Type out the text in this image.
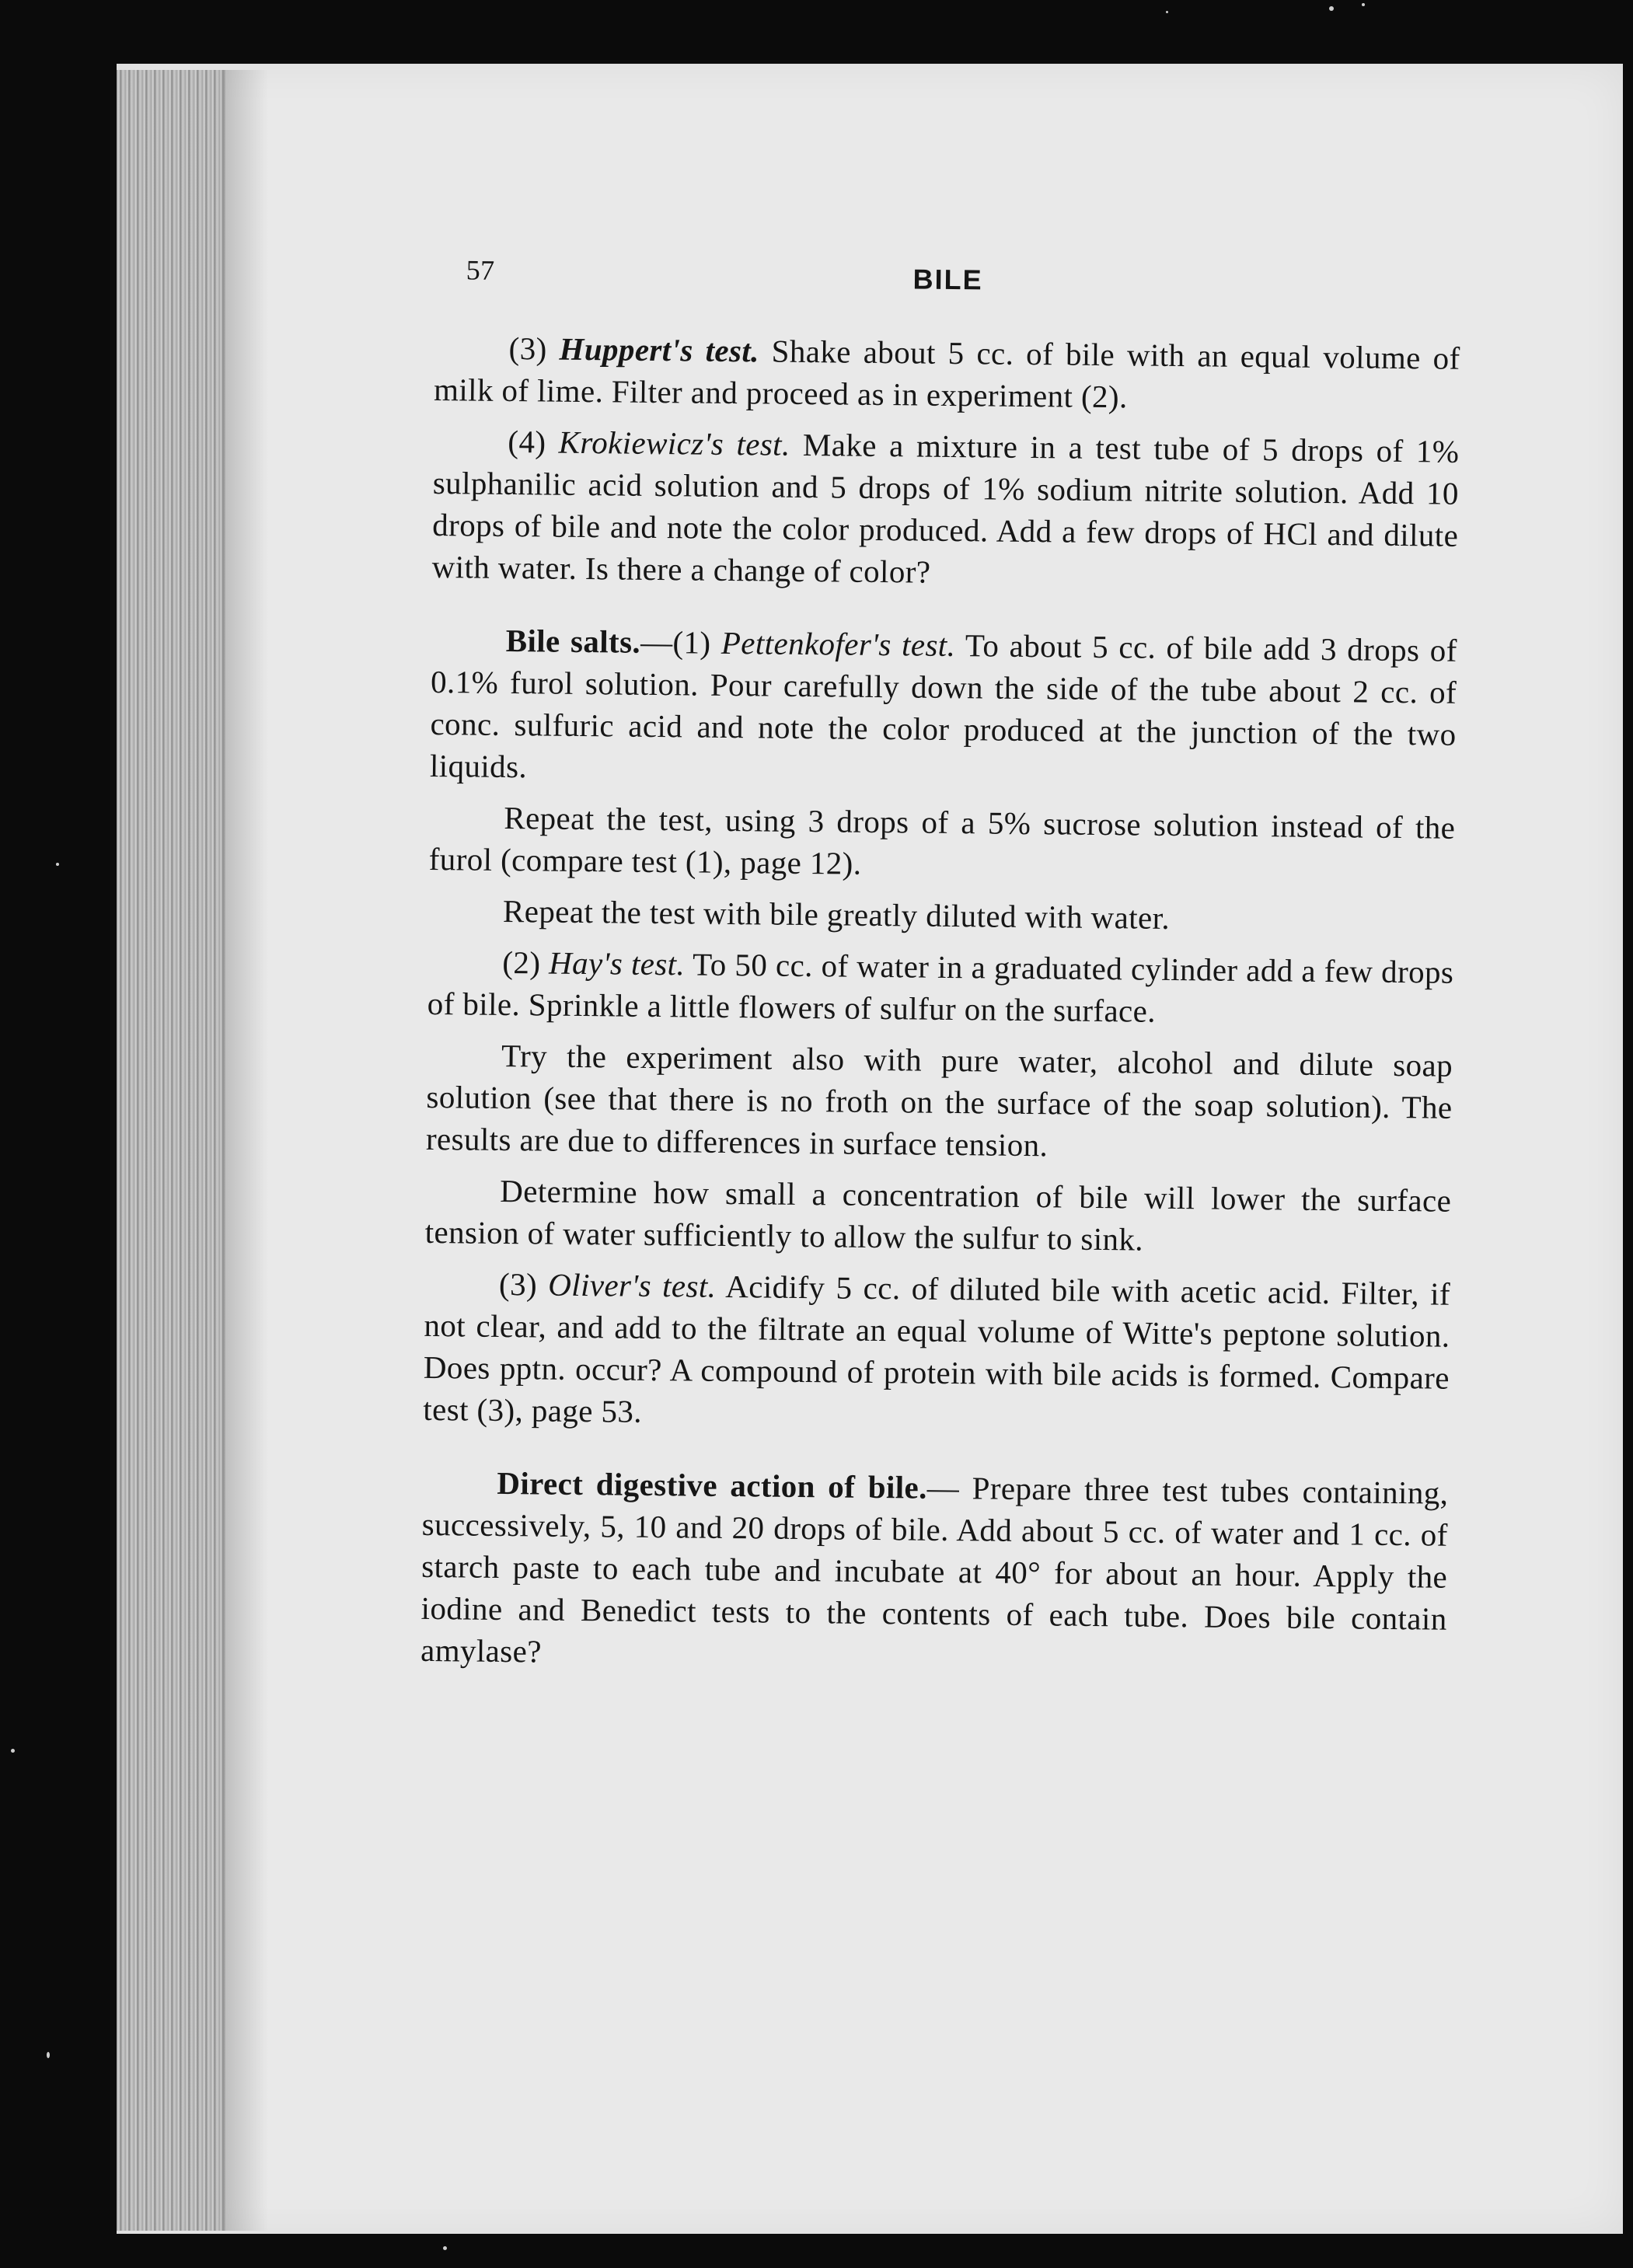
57	BILE

(3) Huppert's test. Shake about 5 cc. of bile with an equal volume of milk of lime. Filter and proceed as in experiment (2).

(4) Krokiewicz's test. Make a mixture in a test tube of 5 drops of 1% sulphanilic acid solution and 5 drops of 1% sodium nitrite solution. Add 10 drops of bile and note the color produced. Add a few drops of HCl and dilute with water. Is there a change of color?

Bile salts.—(1) Pettenkofer's test. To about 5 cc. of bile add 3 drops of 0.1% furol solution. Pour carefully down the side of the tube about 2 cc. of conc. sulfuric acid and note the color produced at the junction of the two liquids.

Repeat the test, using 3 drops of a 5% sucrose solution instead of the furol (compare test (1), page 12).

Repeat the test with bile greatly diluted with water.

(2) Hay's test. To 50 cc. of water in a graduated cylinder add a few drops of bile. Sprinkle a little flowers of sulfur on the surface.

Try the experiment also with pure water, alcohol and dilute soap solution (see that there is no froth on the surface of the soap solution). The results are due to differences in surface tension.

Determine how small a concentration of bile will lower the surface tension of water sufficiently to allow the sulfur to sink.

(3) Oliver's test. Acidify 5 cc. of diluted bile with acetic acid. Filter, if not clear, and add to the filtrate an equal volume of Witte's peptone solution. Does pptn. occur? A compound of protein with bile acids is formed. Compare test (3), page 53.

Direct digestive action of bile.— Prepare three test tubes containing, successively, 5, 10 and 20 drops of bile. Add about 5 cc. of water and 1 cc. of starch paste to each tube and incubate at 40° for about an hour. Apply the iodine and Benedict tests to the contents of each tube. Does bile contain amylase?
